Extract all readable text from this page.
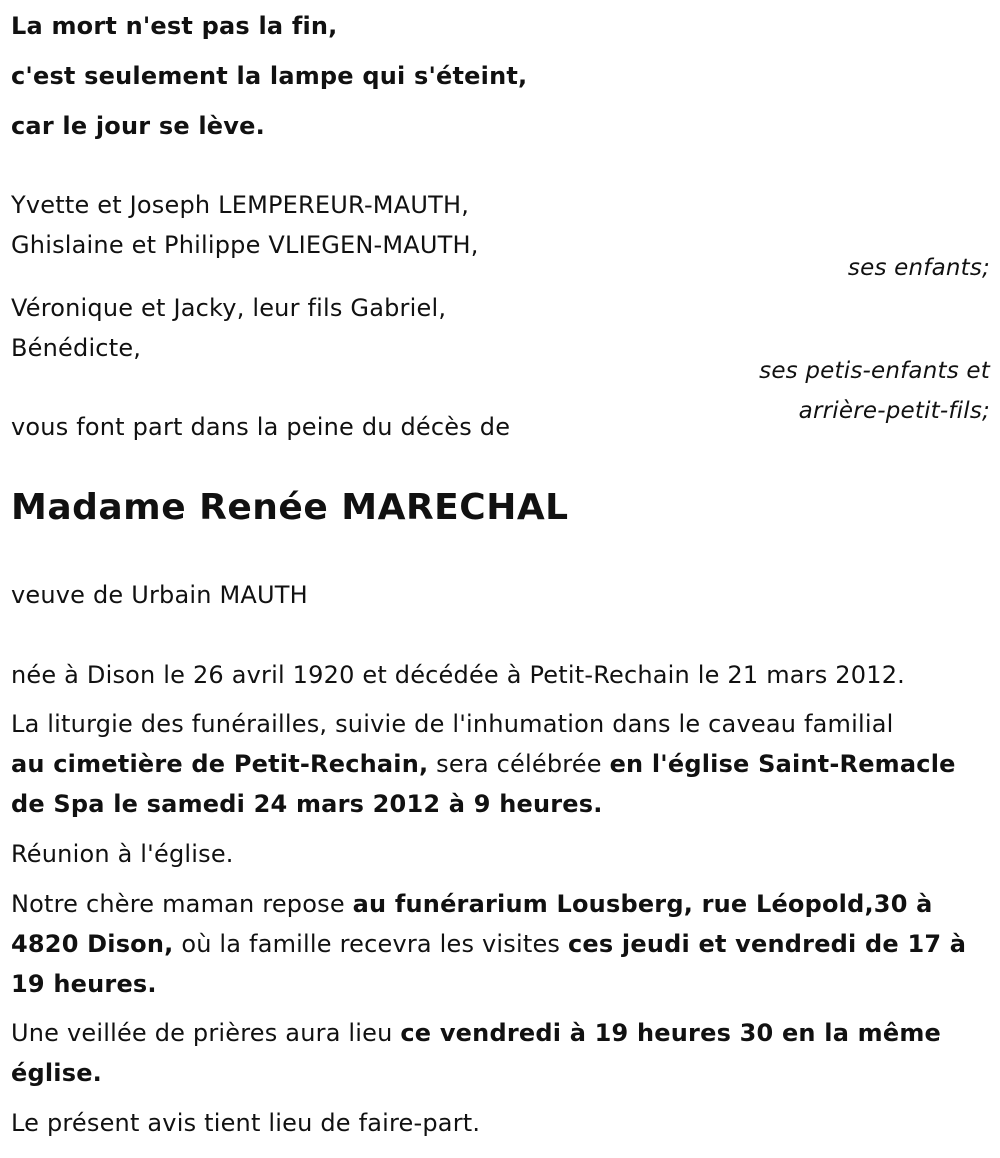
La mort n'est pas la fin,
c'est seulement la lampe qui s'éteint,
car le jour se lève.
Yvette et Joseph LEMPEREUR-MAUTH,
Ghislaine et Philippe VLIEGEN-MAUTH,
ses enfants;
Véronique et Jacky, leur fils Gabriel,
Bénédicte,
ses petis-enfants et
arrière-petit-fils;
vous font part dans la peine du décès de
Madame Renée MARECHAL
veuve de Urbain MAUTH
née à Dison le 26 avril 1920 et décédée à Petit-Rechain le 21 mars 2012.
La liturgie des funérailles, suivie de l'inhumation dans le caveau familial
au cimetière de Petit-Rechain, sera célébrée en l'église Saint-Remacle
de Spa le samedi 24 mars 2012 à 9 heures.
Réunion à l'église.
Notre chère maman repose au funérarium Lousberg, rue Léopold,30 à
4820 Dison, où la famille recevra les visites ces jeudi et vendredi de 17 à
19 heures.
Une veillée de prières aura lieu ce vendredi à 19 heures 30 en la même
église.
Le présent avis tient lieu de faire-part.
